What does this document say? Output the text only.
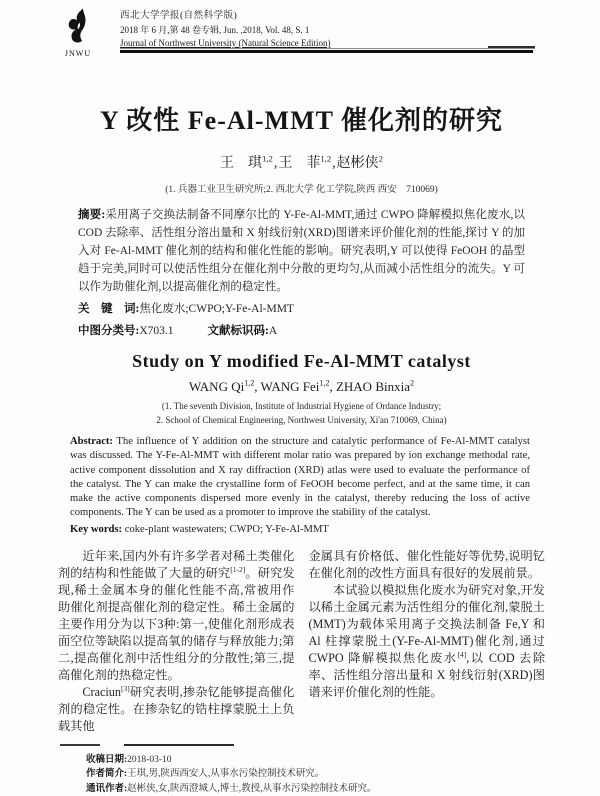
JNWU
西北大学学报(自然科学版)
2018 年 6 月,第 48 卷专辑, Jun. ,2018, Vol. 48, S. 1
Journal of Northwest University (Natural Science Edition)
Y 改性 Fe-Al-MMT 催化剂的研究
王　琪$^{1,2}$,王　菲$^{1,2}$,赵彬侠$^2$
(1. 兵器工业卫生研究所;2. 西北大学 化工学院,陕西 西安　710069)
摘要:采用离子交换法制备不同摩尔比的 Y-Fe-Al-MMT,通过 CWPO 降解模拟焦化废水,以 COD 去除率、活性组分溶出量和 X 射线衍射(XRD)图谱来评价催化剂的性能,探讨 Y 的加入对 Fe-Al-MMT 催化剂的结构和催化性能的影响。研究表明,Y 可以使得 FeOOH 的晶型趋于完美,同时可以使活性组分在催化剂中分散的更均匀,从而减小活性组分的流失。Y 可以作为助催化剂,以提高催化剂的稳定性。
关　键　词:焦化废水;CWPO;Y-Fe-Al-MMT
中图分类号:X703.1	文献标识码:A
Study on Y modified Fe-Al-MMT catalyst
WANG Qi$^{1,2}$, WANG Fei$^{1,2}$, ZHAO Binxia$^2$
(1. The seventh Division, Institute of Industrial Hygiene of Ordance Industry;
2. School of Chemical Engineering, Northwest University, Xi'an 710069, China)
Abstract: The influence of Y addition on the structure and catalytic performance of Fe-Al-MMT catalyst was discussed. The Y-Fe-Al-MMT with different molar ratio was prepared by ion exchange methodal rate, active component dissolution and X ray diffraction (XRD) atlas were used to evaluate the performance of the catalyst. The Y can make the crystalline form of FeOOH become perfect, and at the same time, it can make the active components dispersed more evenly in the catalyst, thereby reducing the loss of active components. The Y can be used as a promoter to improve the stability of the catalyst.
Key words: coke-plant wastewaters; CWPO; Y-Fe-Al-MMT

近年来,国内外有许多学者对稀土类催化剂的结构和性能做了大量的研究[1-2]。研究发现,稀土金属本身的催化性能不高,常被用作助催化剂提高催化剂的稳定性。稀土金属的主要作用分为以下3种:第一,使催化剂形成表面空位等缺陷以提高氧的储存与释放能力;第二,提高催化剂中活性组分的分散性;第三,提高催化剂的热稳定性。

Craciun[3]研究表明,掺杂钇能够提高催化剂的稳定性。在掺杂钇的锆柱撑蒙脱土上负载其他

金属具有价格低、催化性能好等优势,说明钇在催化剂的改性方面具有很好的发展前景。

本试验以模拟焦化废水为研究对象,开发以稀土金属元素为活性组分的催化剂,蒙脱土(MMT)为载体采用离子交换法制备 Fe,Y 和 Al 柱撑蒙脱土(Y-Fe-Al-MMT)催化剂,通过 CWPO 降解模拟焦化废水[4],以 COD 去除率、活性组分溶出量和 X 射线衍射(XRD)图谱来评价催化剂的性能。

收稿日期:2018-03-10
作者简介:王琪,男,陕西西安人,从事水污染控制技术研究。
通讯作者:赵彬侠,女,陕西澄城人,博士,教授,从事水污染控制技术研究。
